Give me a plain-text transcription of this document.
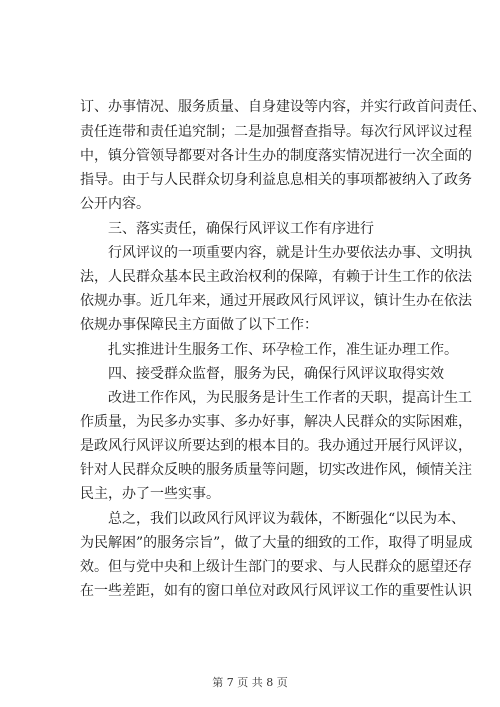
订、办事情况、服务质量、自身建设等内容，并实行政首问责任、
责任连带和责任追究制；二是加强督查指导。每次行风评议过程
中，镇分管领导都要对各计生办的制度落实情况进行一次全面的
指导。由于与人民群众切身利益息息相关的事项都被纳入了政务
公开内容。
三、落实责任，确保行风评议工作有序进行
行风评议的一项重要内容，就是计生办要依法办事、文明执
法，人民群众基本民主政治权利的保障，有赖于计生工作的依法
依规办事。近几年来，通过开展政风行风评议，镇计生办在依法
依规办事保障民主方面做了以下工作：
扎实推进计生服务工作、环孕检工作，准生证办理工作。
四、接受群众监督，服务为民，确保行风评议取得实效
改进工作作风，为民服务是计生工作者的天职，提高计生工
作质量，为民多办实事、多办好事，解决人民群众的实际困难，
是政风行风评议所要达到的根本目的。我办通过开展行风评议，
针对人民群众反映的服务质量等问题，切实改进作风，倾情关注
民主，办了一些实事。
总之，我们以政风行风评议为载体，不断强化“以民为本、
为民解困”的服务宗旨”，做了大量的细致的工作，取得了明显成
效。但与党中央和上级计生部门的要求、与人民群众的愿望还存
在一些差距，如有的窗口单位对政风行风评议工作的重要性认识
第 7 页 共 8 页
